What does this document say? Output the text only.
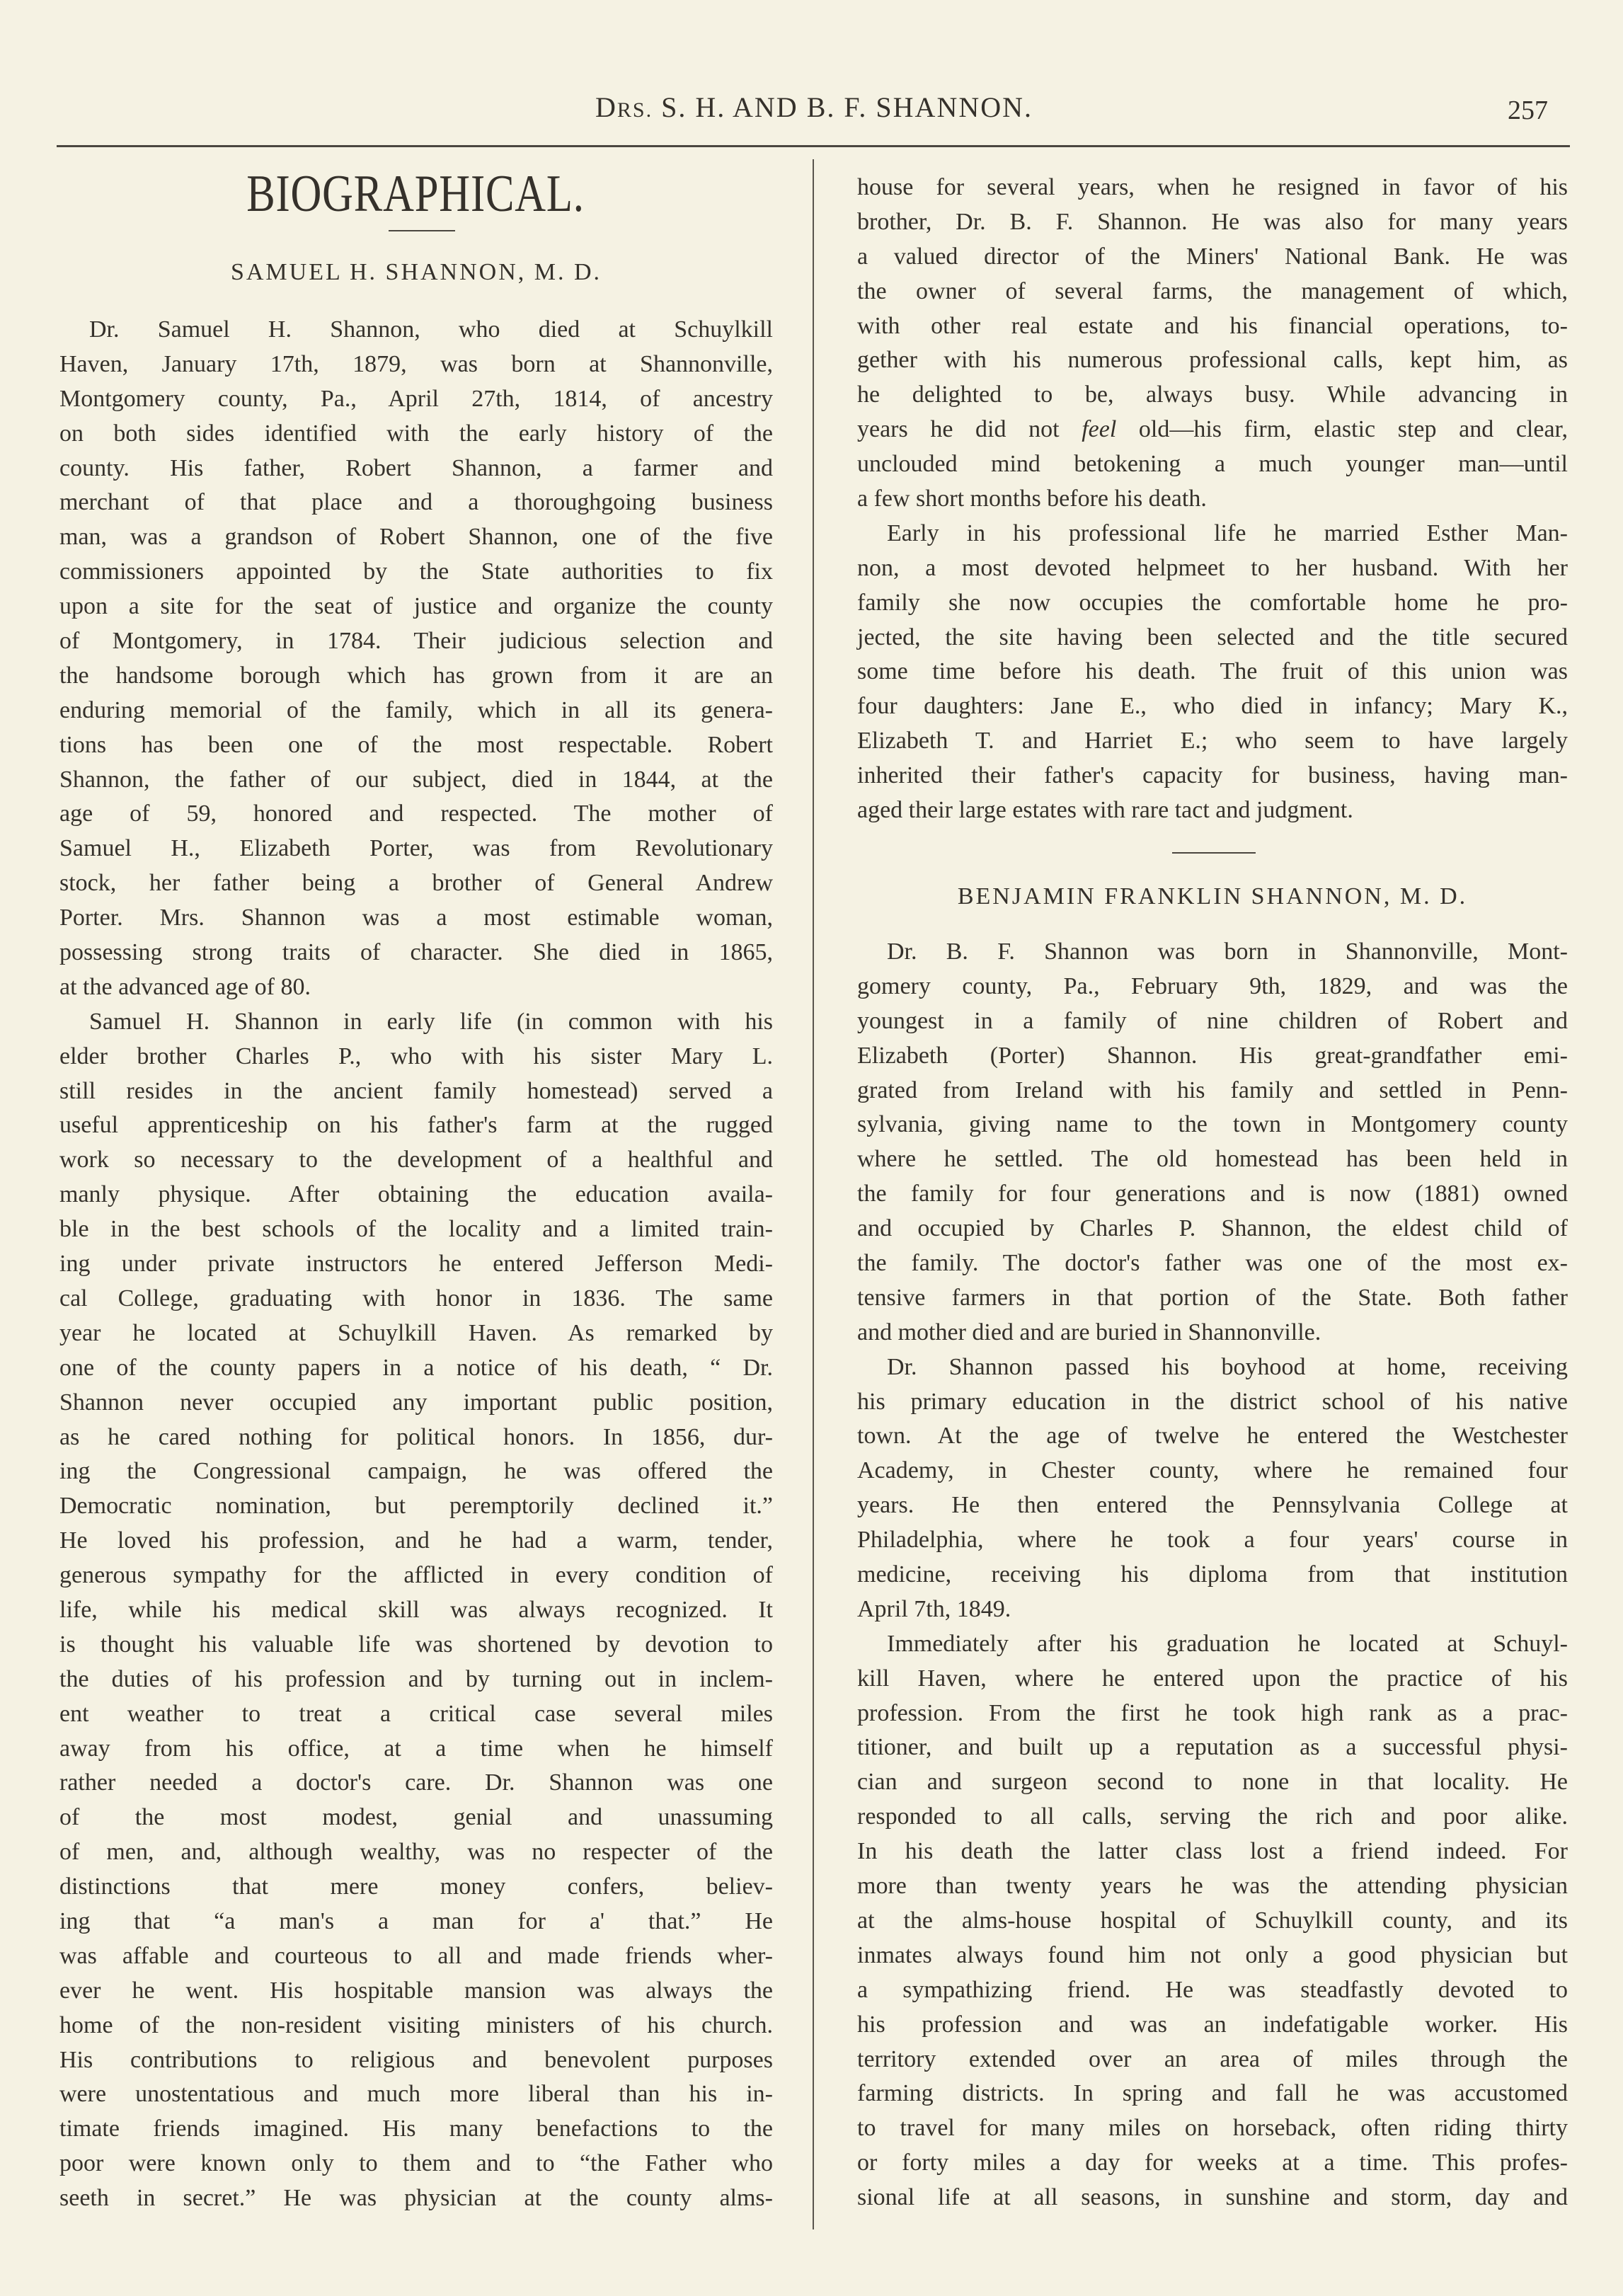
DRS. S. H. AND B. F. SHANNON.	257
BIOGRAPHICAL.
SAMUEL H. SHANNON, M. D.
Dr. Samuel H. Shannon, who died at Schuylkill
Haven, January 17th, 1879, was born at Shannonville,
Montgomery county, Pa., April 27th, 1814, of ancestry
on both sides identified with the early history of the
county. His father, Robert Shannon, a farmer and
merchant of that place and a thoroughgoing business
man, was a grandson of Robert Shannon, one of the five
commissioners appointed by the State authorities to fix
upon a site for the seat of justice and organize the county
of Montgomery, in 1784. Their judicious selection and
the handsome borough which has grown from it are an
enduring memorial of the family, which in all its genera-
tions has been one of the most respectable. Robert
Shannon, the father of our subject, died in 1844, at the
age of 59, honored and respected. The mother of
Samuel H., Elizabeth Porter, was from Revolutionary
stock, her father being a brother of General Andrew
Porter. Mrs. Shannon was a most estimable woman,
possessing strong traits of character. She died in 1865,
at the advanced age of 80.
Samuel H. Shannon in early life (in common with his
elder brother Charles P., who with his sister Mary L.
still resides in the ancient family homestead) served a
useful apprenticeship on his father's farm at the rugged
work so necessary to the development of a healthful and
manly physique. After obtaining the education availa-
ble in the best schools of the locality and a limited train-
ing under private instructors he entered Jefferson Medi-
cal College, graduating with honor in 1836. The same
year he located at Schuylkill Haven. As remarked by
one of the county papers in a notice of his death, “ Dr.
Shannon never occupied any important public position,
as he cared nothing for political honors. In 1856, dur-
ing the Congressional campaign, he was offered the
Democratic nomination, but peremptorily declined it.”
He loved his profession, and he had a warm, tender,
generous sympathy for the afflicted in every condition of
life, while his medical skill was always recognized. It
is thought his valuable life was shortened by devotion to
the duties of his profession and by turning out in inclem-
ent weather to treat a critical case several miles
away from his office, at a time when he himself
rather needed a doctor's care. Dr. Shannon was one
of the most modest, genial and unassuming
of men, and, although wealthy, was no respecter of the
distinctions that mere money confers, believ-
ing that “a man's a man for a' that.” He
was affable and courteous to all and made friends wher-
ever he went. His hospitable mansion was always the
home of the non-resident visiting ministers of his church.
His contributions to religious and benevolent purposes
were unostentatious and much more liberal than his in-
timate friends imagined. His many benefactions to the
poor were known only to them and to “the Father who
seeth in secret.” He was physician at the county alms-
house for several years, when he resigned in favor of his
brother, Dr. B. F. Shannon. He was also for many years
a valued director of the Miners' National Bank. He was
the owner of several farms, the management of which,
with other real estate and his financial operations, to-
gether with his numerous professional calls, kept him, as
he delighted to be, always busy. While advancing in
years he did not feel old—his firm, elastic step and clear,
unclouded mind betokening a much younger man—until
a few short months before his death.
Early in his professional life he married Esther Man-
non, a most devoted helpmeet to her husband. With her
family she now occupies the comfortable home he pro-
jected, the site having been selected and the title secured
some time before his death. The fruit of this union was
four daughters: Jane E., who died in infancy; Mary K.,
Elizabeth T. and Harriet E.; who seem to have largely
inherited their father's capacity for business, having man-
aged their large estates with rare tact and judgment.
BENJAMIN FRANKLIN SHANNON, M. D.
Dr. B. F. Shannon was born in Shannonville, Mont-
gomery county, Pa., February 9th, 1829, and was the
youngest in a family of nine children of Robert and
Elizabeth (Porter) Shannon. His great-grandfather emi-
grated from Ireland with his family and settled in Penn-
sylvania, giving name to the town in Montgomery county
where he settled. The old homestead has been held in
the family for four generations and is now (1881) owned
and occupied by Charles P. Shannon, the eldest child of
the family. The doctor's father was one of the most ex-
tensive farmers in that portion of the State. Both father
and mother died and are buried in Shannonville.
Dr. Shannon passed his boyhood at home, receiving
his primary education in the district school of his native
town. At the age of twelve he entered the Westchester
Academy, in Chester county, where he remained four
years. He then entered the Pennsylvania College at
Philadelphia, where he took a four years' course in
medicine, receiving his diploma from that institution
April 7th, 1849.
Immediately after his graduation he located at Schuyl-
kill Haven, where he entered upon the practice of his
profession. From the first he took high rank as a prac-
titioner, and built up a reputation as a successful physi-
cian and surgeon second to none in that locality. He
responded to all calls, serving the rich and poor alike.
In his death the latter class lost a friend indeed. For
more than twenty years he was the attending physician
at the alms-house hospital of Schuylkill county, and its
inmates always found him not only a good physician but
a sympathizing friend. He was steadfastly devoted to
his profession and was an indefatigable worker. His
territory extended over an area of miles through the
farming districts. In spring and fall he was accustomed
to travel for many miles on horseback, often riding thirty
or forty miles a day for weeks at a time. This profes-
sional life at all seasons, in sunshine and storm, day and
